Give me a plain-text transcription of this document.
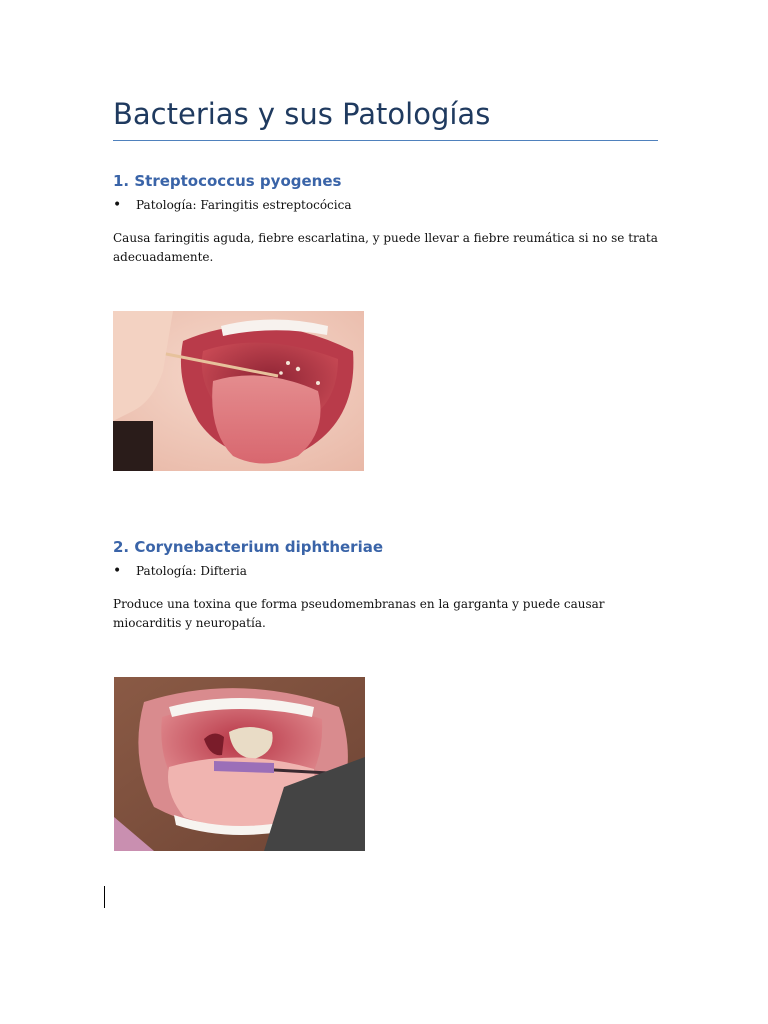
Bacterias y sus Patologías
1. Streptococcus pyogenes
• Patología: Faringitis estreptocócica
Causa faringitis aguda, fiebre escarlatina, y puede llevar a fiebre reumática si no se trata adecuadamente.
2. Corynebacterium diphtheriae
• Patología: Difteria
Produce una toxina que forma pseudomembranas en la garganta y puede causar miocarditis y neuropatía.
